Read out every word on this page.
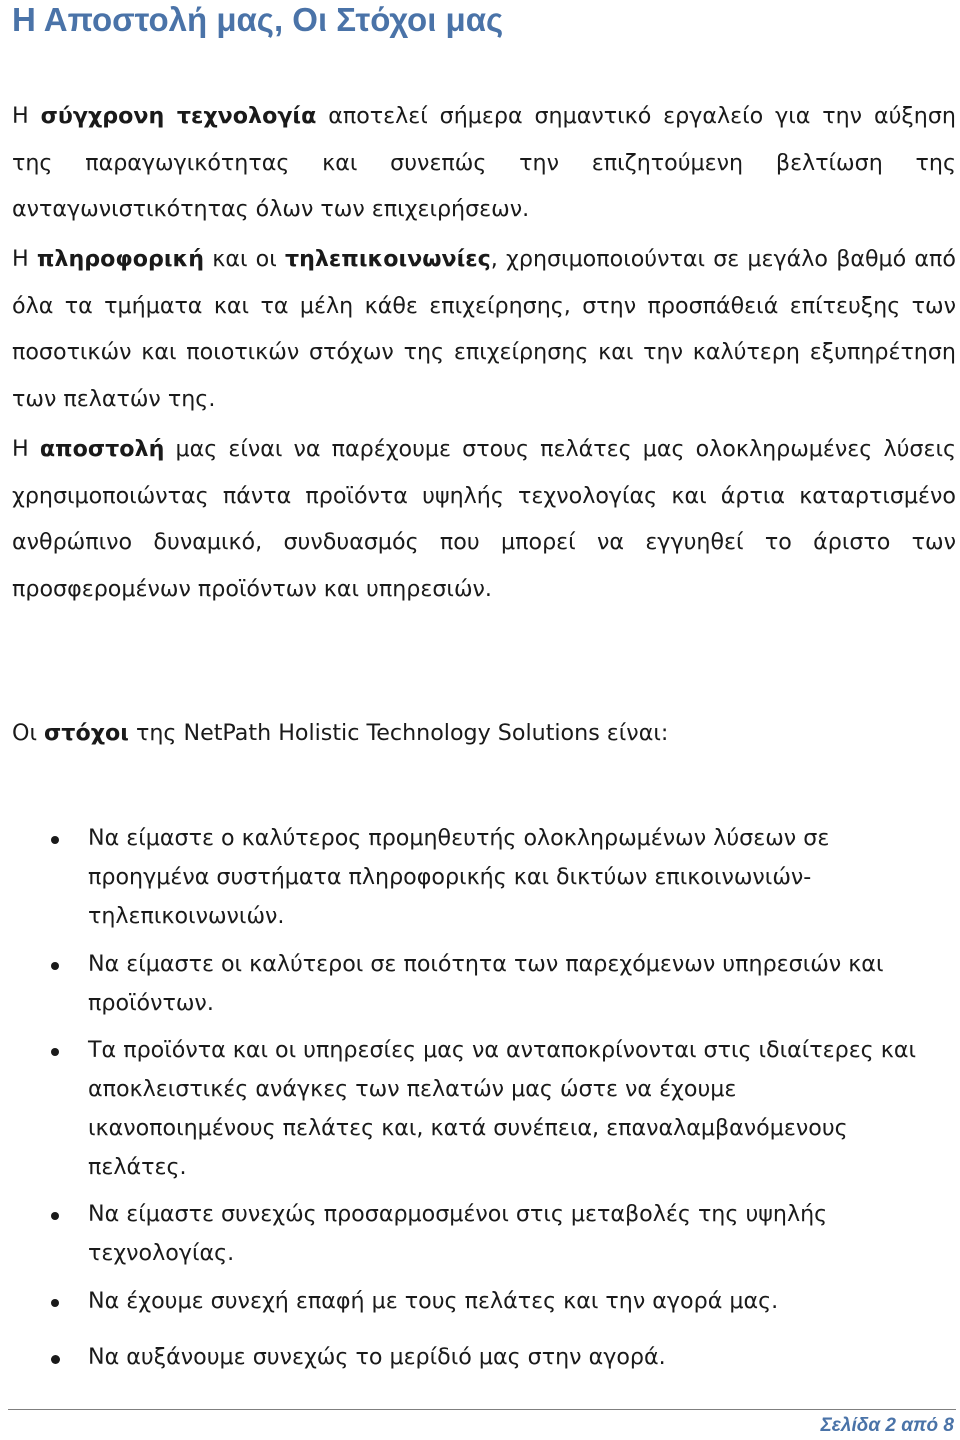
Η Αποστολή μας, Οι Στόχοι μας

Η σύγχρονη τεχνολογία αποτελεί σήμερα σημαντικό εργαλείο για την αύξηση της παραγωγικότητας και συνεπώς την επιζητούμενη βελτίωση της ανταγωνιστικότητας όλων των επιχειρήσεων.

Η πληροφορική και οι τηλεπικοινωνίες, χρησιμοποιούνται σε μεγάλο βαθμό από όλα τα τμήματα και τα μέλη κάθε επιχείρησης, στην προσπάθειά επίτευξης των ποσοτικών και ποιοτικών στόχων της επιχείρησης και την καλύτερη εξυπηρέτηση των πελατών της.

Η αποστολή μας είναι να παρέχουμε στους πελάτες μας ολοκληρωμένες λύσεις χρησιμοποιώντας πάντα προϊόντα υψηλής τεχνολογίας και άρτια καταρτισμένο ανθρώπινο δυναμικό, συνδυασμός που μπορεί να εγγυηθεί το άριστο των προσφερομένων προϊόντων και υπηρεσιών.

Οι στόχοι της NetPath Holistic Technology Solutions είναι:

Να είμαστε ο καλύτερος προμηθευτής ολοκληρωμένων λύσεων σε προηγμένα συστήματα πληροφορικής και δικτύων επικοινωνιών-τηλεπικοινωνιών.
Να είμαστε οι καλύτεροι σε ποιότητα των παρεχόμενων υπηρεσιών και προϊόντων.
Τα προϊόντα και οι υπηρεσίες μας να ανταποκρίνονται στις ιδιαίτερες και αποκλειστικές ανάγκες των πελατών μας ώστε να έχουμε ικανοποιημένους πελάτες και, κατά συνέπεια, επαναλαμβανόμενους πελάτες.
Να είμαστε συνεχώς προσαρμοσμένοι στις μεταβολές της υψηλής τεχνολογίας.
Να έχουμε συνεχή επαφή με τους πελάτες και την αγορά μας.
Να αυξάνουμε συνεχώς το μερίδιό μας στην αγορά.

Σελίδα 2 από 8
